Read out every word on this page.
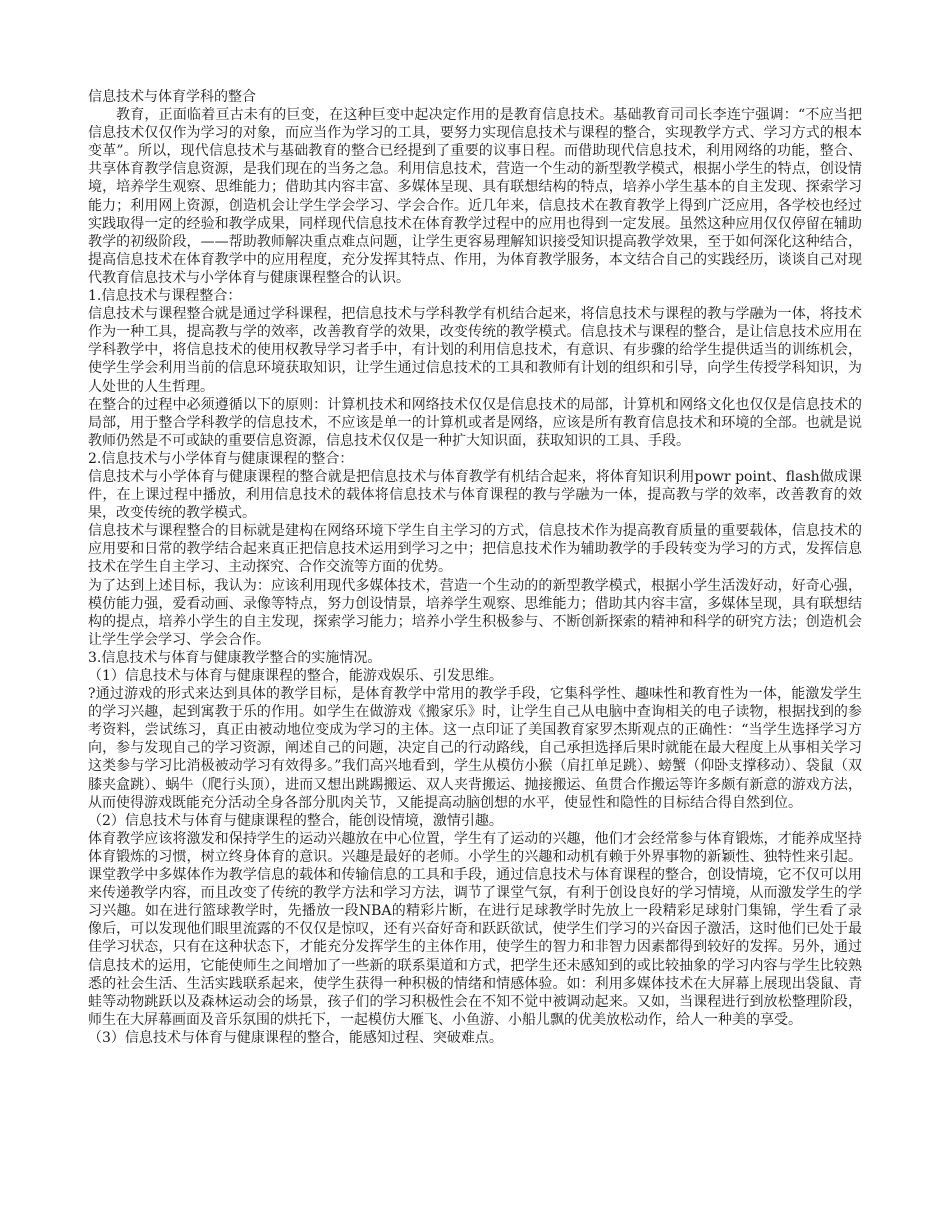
信息技术与体育学科的整合

教育，正面临着亘古未有的巨变，在这种巨变中起决定作用的是教育信息技术。基础教育司司长李连宁强调：“不应当把信息技术仅仅作为学习的对象，而应当作为学习的工具，要努力实现信息技术与课程的整合，实现教学方式、学习方式的根本变革”。所以，现代信息技术与基础教育的整合已经提到了重要的议事日程。而借助现代信息技术，利用网络的功能，整合、共享体育教学信息资源，是我们现在的当务之急。利用信息技术，营造一个生动的新型教学模式，根据小学生的特点，创设情境，培养学生观察、思维能力；借助其内容丰富、多媒体呈现、具有联想结构的特点，培养小学生基本的自主发现、探索学习能力；利用网上资源，创造机会让学生学会学习、学会合作。近几年来，信息技术在教育教学上得到广泛应用，各学校也经过实践取得一定的经验和教学成果，同样现代信息技术在体育教学过程中的应用也得到一定发展。虽然这种应用仅仅停留在辅助教学的初级阶段，——帮助教师解决重点难点问题，让学生更容易理解知识接受知识提高教学效果，至于如何深化这种结合，提高信息技术在体育教学中的应用程度，充分发挥其特点、作用，为体育教学服务，本文结合自己的实践经历，谈谈自己对现代教育信息技术与小学体育与健康课程整合的认识。

1.信息技术与课程整合：

信息技术与课程整合就是通过学科课程，把信息技术与学科教学有机结合起来，将信息技术与课程的教与学融为一体，将技术作为一种工具，提高教与学的效率，改善教育学的效果，改变传统的教学模式。信息技术与课程的整合，是让信息技术应用在学科教学中，将信息技术的使用权教导学习者手中，有计划的利用信息技术，有意识、有步骤的给学生提供适当的训练机会，使学生学会利用当前的信息环境获取知识，让学生通过信息技术的工具和教师有计划的组织和引导，向学生传授学科知识，为人处世的人生哲理。

在整合的过程中必须遵循以下的原则：计算机技术和网络技术仅仅是信息技术的局部，计算机和网络文化也仅仅是信息技术的局部，用于整合学科教学的信息技术，不应该是单一的计算机或者是网络，应该是所有教育信息技术和环境的全部。也就是说教师仍然是不可或缺的重要信息资源，信息技术仅仅是一种扩大知识面，获取知识的工具、手段。

2.信息技术与小学体育与健康课程的整合：

信息技术与小学体育与健康课程的整合就是把信息技术与体育教学有机结合起来，将体育知识利用powr point、flash做成课件，在上课过程中播放，利用信息技术的载体将信息技术与体育课程的教与学融为一体，提高教与学的效率，改善教育的效果，改变传统的教学模式。

信息技术与课程整合的目标就是建构在网络环境下学生自主学习的方式，信息技术作为提高教育质量的重要载体，信息技术的应用要和日常的教学结合起来真正把信息技术运用到学习之中；把信息技术作为辅助教学的手段转变为学习的方式，发挥信息技术在学生自主学习、主动探究、合作交流等方面的优势。

为了达到上述目标，我认为：应该利用现代多媒体技术，营造一个生动的的新型教学模式，根据小学生活泼好动，好奇心强，模仿能力强，爱看动画、录像等特点，努力创设情景，培养学生观察、思维能力；借助其内容丰富，多媒体呈现，具有联想结构的提点，培养小学生的自主发现，探索学习能力；培养小学生积极参与、不断创新探索的精神和科学的研究方法；创造机会让学生学会学习、学会合作。

3.信息技术与体育与健康教学整合的实施情况。

（1）信息技术与体育与健康课程的整合，能游戏娱乐、引发思维。

?通过游戏的形式来达到具体的教学目标，是体育教学中常用的教学手段，它集科学性、趣味性和教育性为一体，能激发学生的学习兴趣，起到寓教于乐的作用。如学生在做游戏《搬家乐》时，让学生自己从电脑中查询相关的电子读物，根据找到的参考资料，尝试练习，真正由被动地位变成为学习的主体。这一点印证了美国教育家罗杰斯观点的正确性：“当学生选择学习方向，参与发现自己的学习资源，阐述自己的问题，决定自己的行动路线，自己承担选择后果时就能在最大程度上从事相关学习这类参与学习比消极被动学习有效得多。”我们高兴地看到，学生从模仿小猴（肩扛单足跳）、螃蟹（仰卧支撑移动）、袋鼠（双膝夹盒跳）、蜗牛（爬行头顶），进而又想出跳踢搬运、双人夹背搬运、抛接搬运、鱼贯合作搬运等许多颇有新意的游戏方法，从而使得游戏既能充分活动全身各部分肌肉关节，又能提高动脑创想的水平，使显性和隐性的目标结合得自然到位。

（2）信息技术与体育与健康课程的整合，能创设情境，激情引趣。

体育教学应该将激发和保持学生的运动兴趣放在中心位置，学生有了运动的兴趣，他们才会经常参与体育锻炼，才能养成坚持体育锻炼的习惯，树立终身体育的意识。兴趣是最好的老师。小学生的兴趣和动机有赖于外界事物的新颖性、独特性来引起。课堂教学中多媒体作为教学信息的载体和传输信息的工具和手段，通过信息技术与体育课程的整合，创设情境，它不仅可以用来传递教学内容，而且改变了传统的教学方法和学习方法，调节了课堂气氛，有利于创设良好的学习情境，从而激发学生的学习兴趣。如在进行篮球教学时，先播放一段NBA的精彩片断，在进行足球教学时先放上一段精彩足球射门集锦，学生看了录像后，可以发现他们眼里流露的不仅仅是惊叹，还有兴奋好奇和跃跃欲试，使学生们学习的兴奋因子激活，这时他们已处于最佳学习状态，只有在这种状态下，才能充分发挥学生的主体作用，使学生的智力和非智力因素都得到较好的发挥。另外，通过信息技术的运用，它能使师生之间增加了一些新的联系渠道和方式，把学生还未感知到的或比较抽象的学习内容与学生比较熟悉的社会生活、生活实践联系起来，使学生获得一种积极的情绪和情感体验。如：利用多媒体技术在大屏幕上展现出袋鼠、青蛙等动物跳跃以及森林运动会的场景，孩子们的学习积极性会在不知不觉中被调动起来。又如，当课程进行到放松整理阶段，师生在大屏幕画面及音乐氛围的烘托下，一起模仿大雁飞、小鱼游、小船儿飘的优美放松动作，给人一种美的享受。

（3）信息技术与体育与健康课程的整合，能感知过程、突破难点。
